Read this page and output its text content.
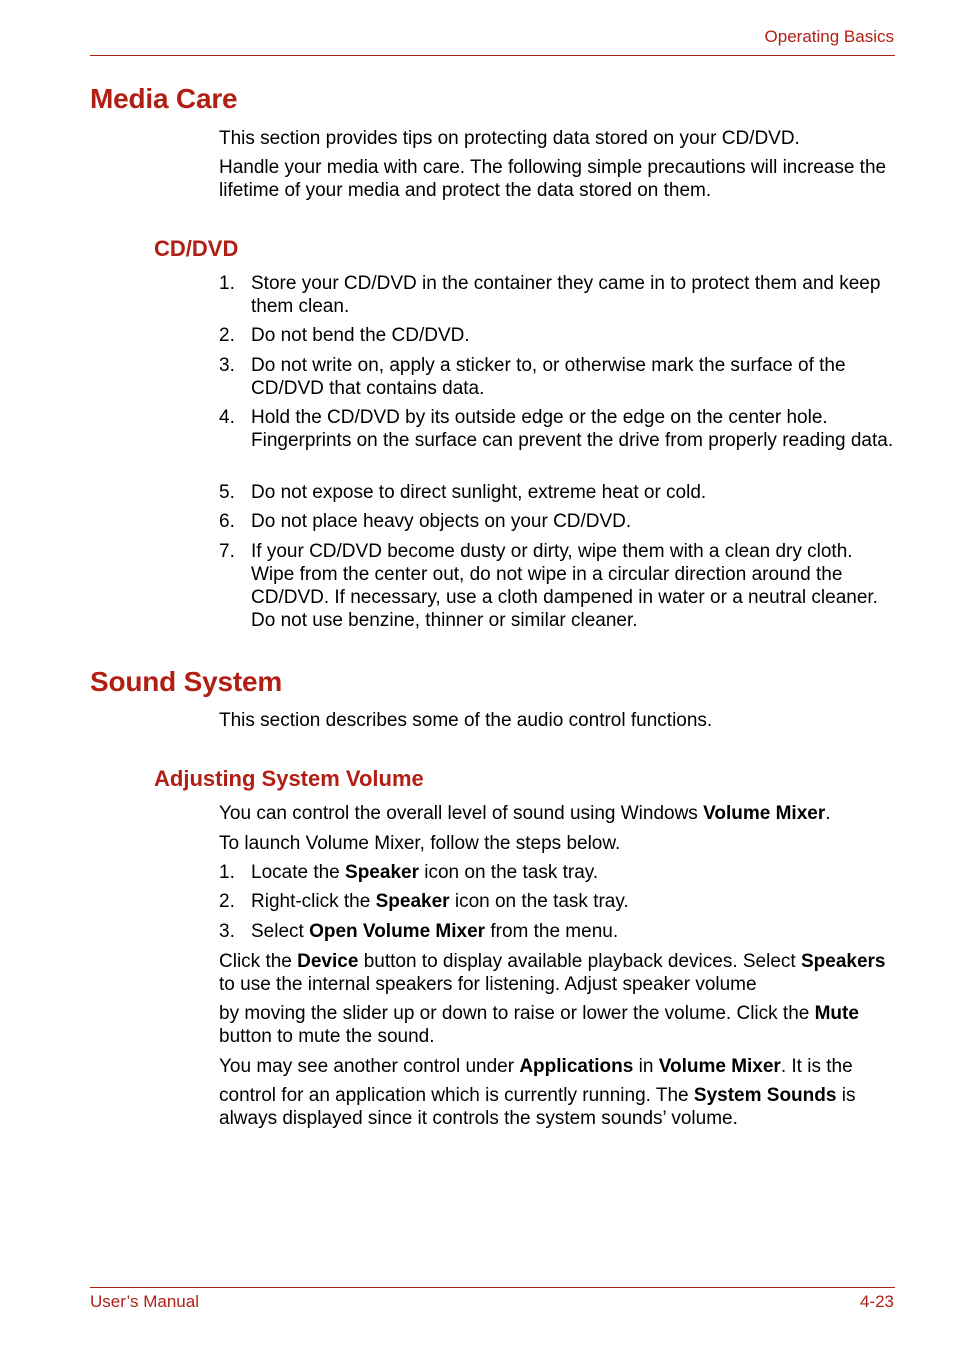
Operating Basics
Media Care

This section provides tips on protecting data stored on your CD/DVD.

Handle your media with care. The following simple precautions will increase the lifetime of your media and protect the data stored on them.

CD/DVD
1. Store your CD/DVD in the container they came in to protect them and keep them clean.
2. Do not bend the CD/DVD.
3. Do not write on, apply a sticker to, or otherwise mark the surface of the CD/DVD that contains data.
4. Hold the CD/DVD by its outside edge or the edge on the center hole. Fingerprints on the surface can prevent the drive from properly reading data.
5. Do not expose to direct sunlight, extreme heat or cold.
6. Do not place heavy objects on your CD/DVD.
7. If your CD/DVD become dusty or dirty, wipe them with a clean dry cloth. Wipe from the center out, do not wipe in a circular direction around the CD/DVD. If necessary, use a cloth dampened in water or a neutral cleaner. Do not use benzine, thinner or similar cleaner.
Sound System

This section describes some of the audio control functions.

Adjusting System Volume

You can control the overall level of sound using Windows Volume Mixer.

To launch Volume Mixer, follow the steps below.

1. Locate the Speaker icon on the task tray.
2. Right-click the Speaker icon on the task tray.
3. Select Open Volume Mixer from the menu.

Click the Device button to display available playback devices. Select Speakers to use the internal speakers for listening. Adjust speaker volume

by moving the slider up or down to raise or lower the volume. Click the Mute button to mute the sound.

You may see another control under Applications in Volume Mixer. It is the

control for an application which is currently running. The System Sounds is always displayed since it controls the system sounds’ volume.

User’s Manual	4-23
